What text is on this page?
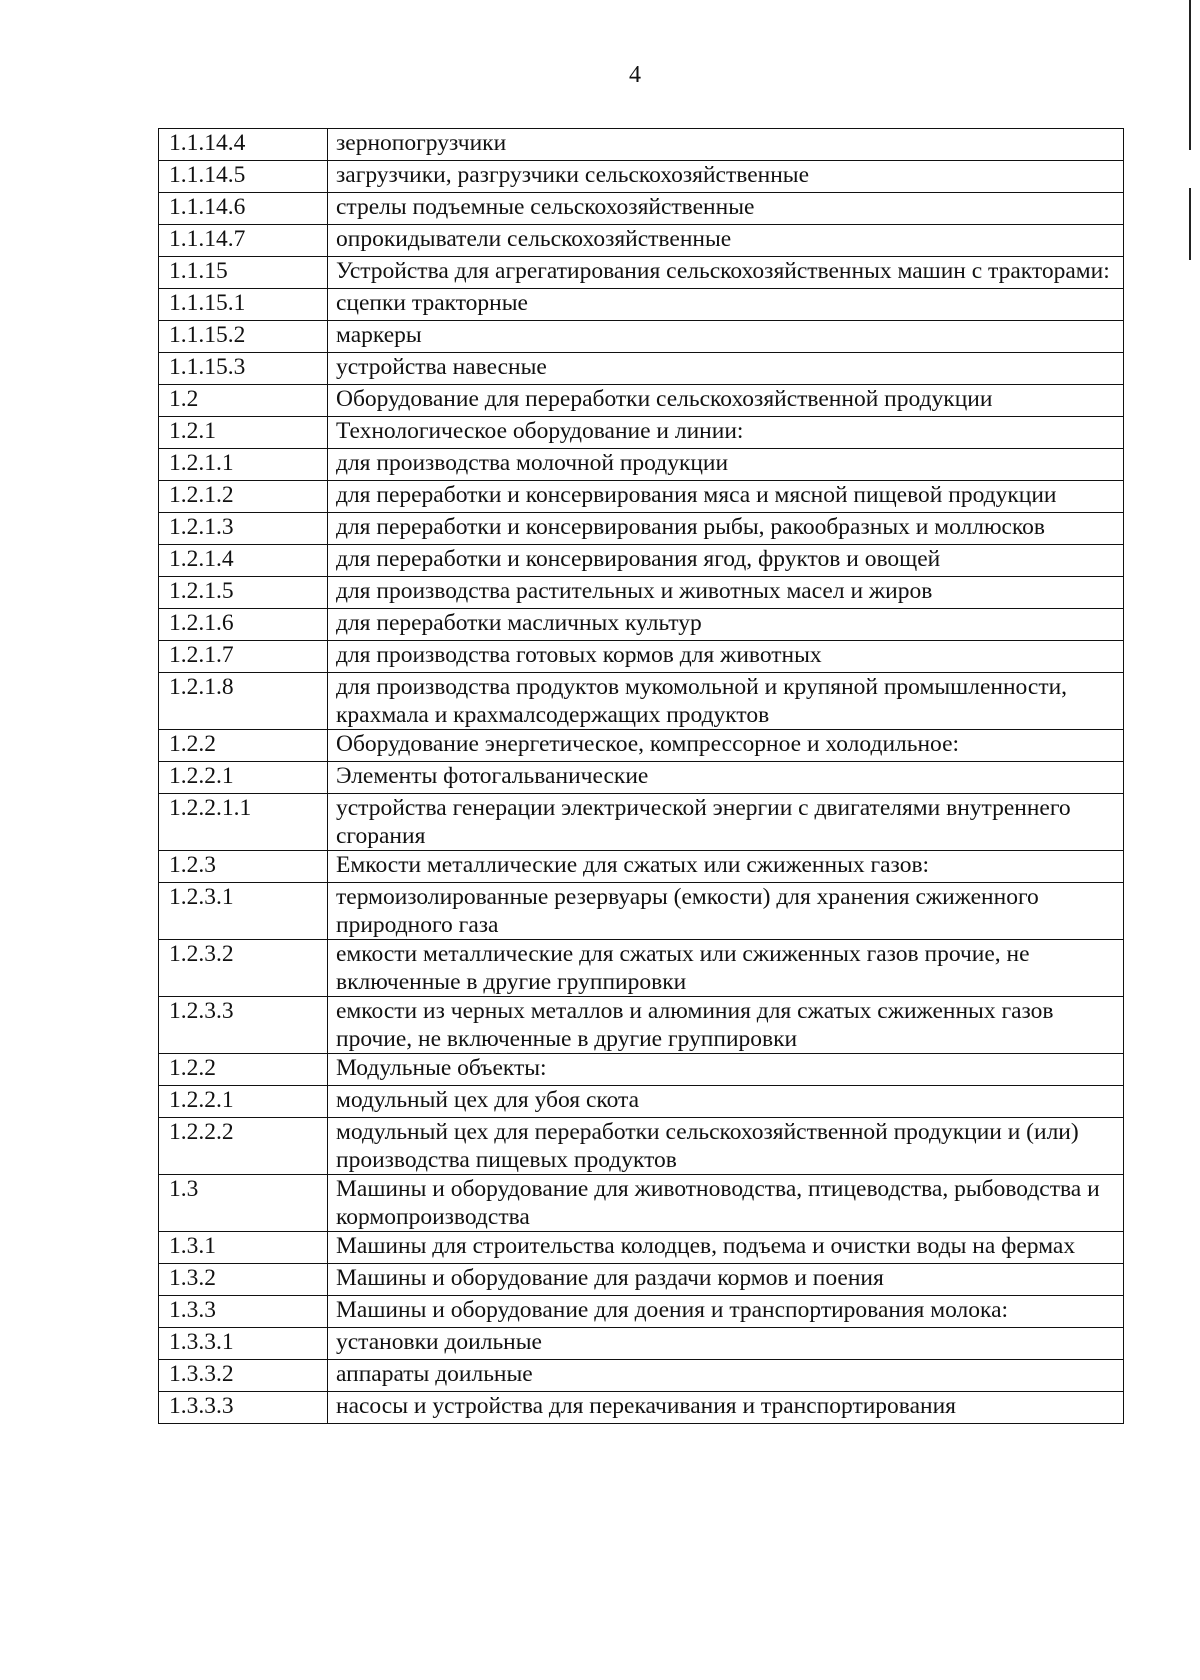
4
1.1.14.4	зернопогрузчики
1.1.14.5	загрузчики, разгрузчики сельскохозяйственные
1.1.14.6	стрелы подъемные сельскохозяйственные
1.1.14.7	опрокидыватели сельскохозяйственные
1.1.15	Устройства для агрегатирования сельскохозяйственных машин с тракторами:
1.1.15.1	сцепки тракторные
1.1.15.2	маркеры
1.1.15.3	устройства навесные
1.2	Оборудование для переработки сельскохозяйственной продукции
1.2.1	Технологическое оборудование и линии:
1.2.1.1	для производства молочной продукции
1.2.1.2	для переработки и консервирования мяса и мясной пищевой продукции
1.2.1.3	для переработки и консервирования рыбы, ракообразных и моллюсков
1.2.1.4	для переработки и консервирования ягод, фруктов и овощей
1.2.1.5	для производства растительных и животных масел и жиров
1.2.1.6	для переработки масличных культур
1.2.1.7	для производства готовых кормов для животных
1.2.1.8	для производства продуктов мукомольной и крупяной промышленности, крахмала и крахмалсодержащих продуктов
1.2.2	Оборудование энергетическое, компрессорное и холодильное:
1.2.2.1	Элементы фотогальванические
1.2.2.1.1	устройства генерации электрической энергии с двигателями внутреннего сгорания
1.2.3	Емкости металлические для сжатых или сжиженных газов:
1.2.3.1	термоизолированные резервуары (емкости) для хранения сжиженного природного газа
1.2.3.2	емкости металлические для сжатых или сжиженных газов прочие, не включенные в другие группировки
1.2.3.3	емкости из черных металлов и алюминия для сжатых сжиженных газов прочие, не включенные в другие группировки
1.2.2	Модульные объекты:
1.2.2.1	модульный цех для убоя скота
1.2.2.2	модульный цех для переработки сельскохозяйственной продукции и (или) производства пищевых продуктов
1.3	Машины и оборудование для животноводства, птицеводства, рыбоводства и кормопроизводства
1.3.1	Машины для строительства колодцев, подъема и очистки воды на фермах
1.3.2	Машины и оборудование для раздачи кормов и поения
1.3.3	Машины и оборудование для доения и транспортирования молока:
1.3.3.1	установки доильные
1.3.3.2	аппараты доильные
1.3.3.3	насосы и устройства для перекачивания и транспортирования
